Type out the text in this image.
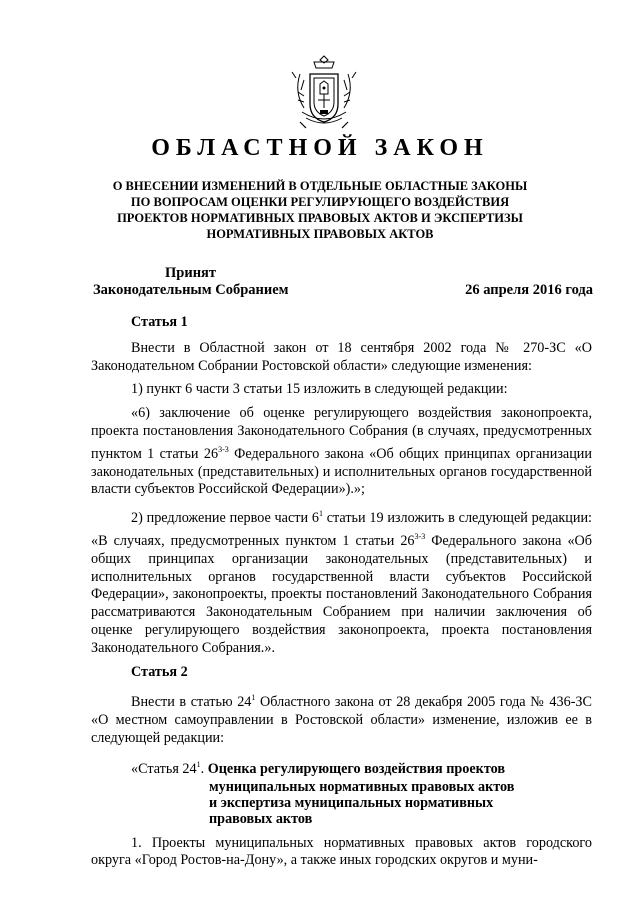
ОБЛАСТНОЙ ЗАКОН
О ВНЕСЕНИИ ИЗМЕНЕНИЙ В ОТДЕЛЬНЫЕ ОБЛАСТНЫЕ ЗАКОНЫ
ПО ВОПРОСАМ ОЦЕНКИ РЕГУЛИРУЮЩЕГО ВОЗДЕЙСТВИЯ
ПРОЕКТОВ НОРМАТИВНЫХ ПРАВОВЫХ АКТОВ И ЭКСПЕРТИЗЫ
НОРМАТИВНЫХ ПРАВОВЫХ АКТОВ
Принят
Законодательным Собранием	26 апреля 2016 года

Статья 1

Внести в Областной закон от 18 сентября 2002 года № 270-ЗС «О Законодательном Собрании Ростовской области» следующие изменения:

1) пункт 6 части 3 статьи 15 изложить в следующей редакции:

«6) заключение об оценке регулирующего воздействия законопроекта, проекта постановления Законодательного Собрания (в случаях, предусмотренных пунктом 1 статьи 26$^{3-3}$ Федерального закона «Об общих принципах организации законодательных (представительных) и исполнительных органов государственной власти субъектов Российской Федерации»).»;

2) предложение первое части $6^1$ статьи 19 изложить в следующей редакции: «В случаях, предусмотренных пунктом 1 статьи 26$^{3-3}$ Федерального закона «Об общих принципах организации законодательных (представительных) и исполнительных органов государственной власти субъектов Российской Федерации», законопроекты, проекты постановлений Законодательного Собрания рассматриваются Законодательным Собранием при наличии заключения об оценке регулирующего воздействия законопроекта, проекта постановления Законодательного Собрания.».

Статья 2

Внести в статью $24^1$ Областного закона от 28 декабря 2005 года № 436-ЗС «О местном самоуправлении в Ростовской области» изменение, изложив ее в следующей редакции:

«Статья $24^1$. Оценка регулирующего воздействия проектов
муниципальных нормативных правовых актов
и экспертиза муниципальных нормативных
правовых актов

1. Проекты муниципальных нормативных правовых актов городского округа «Город Ростов-на-Дону», а также иных городских округов и муни-
